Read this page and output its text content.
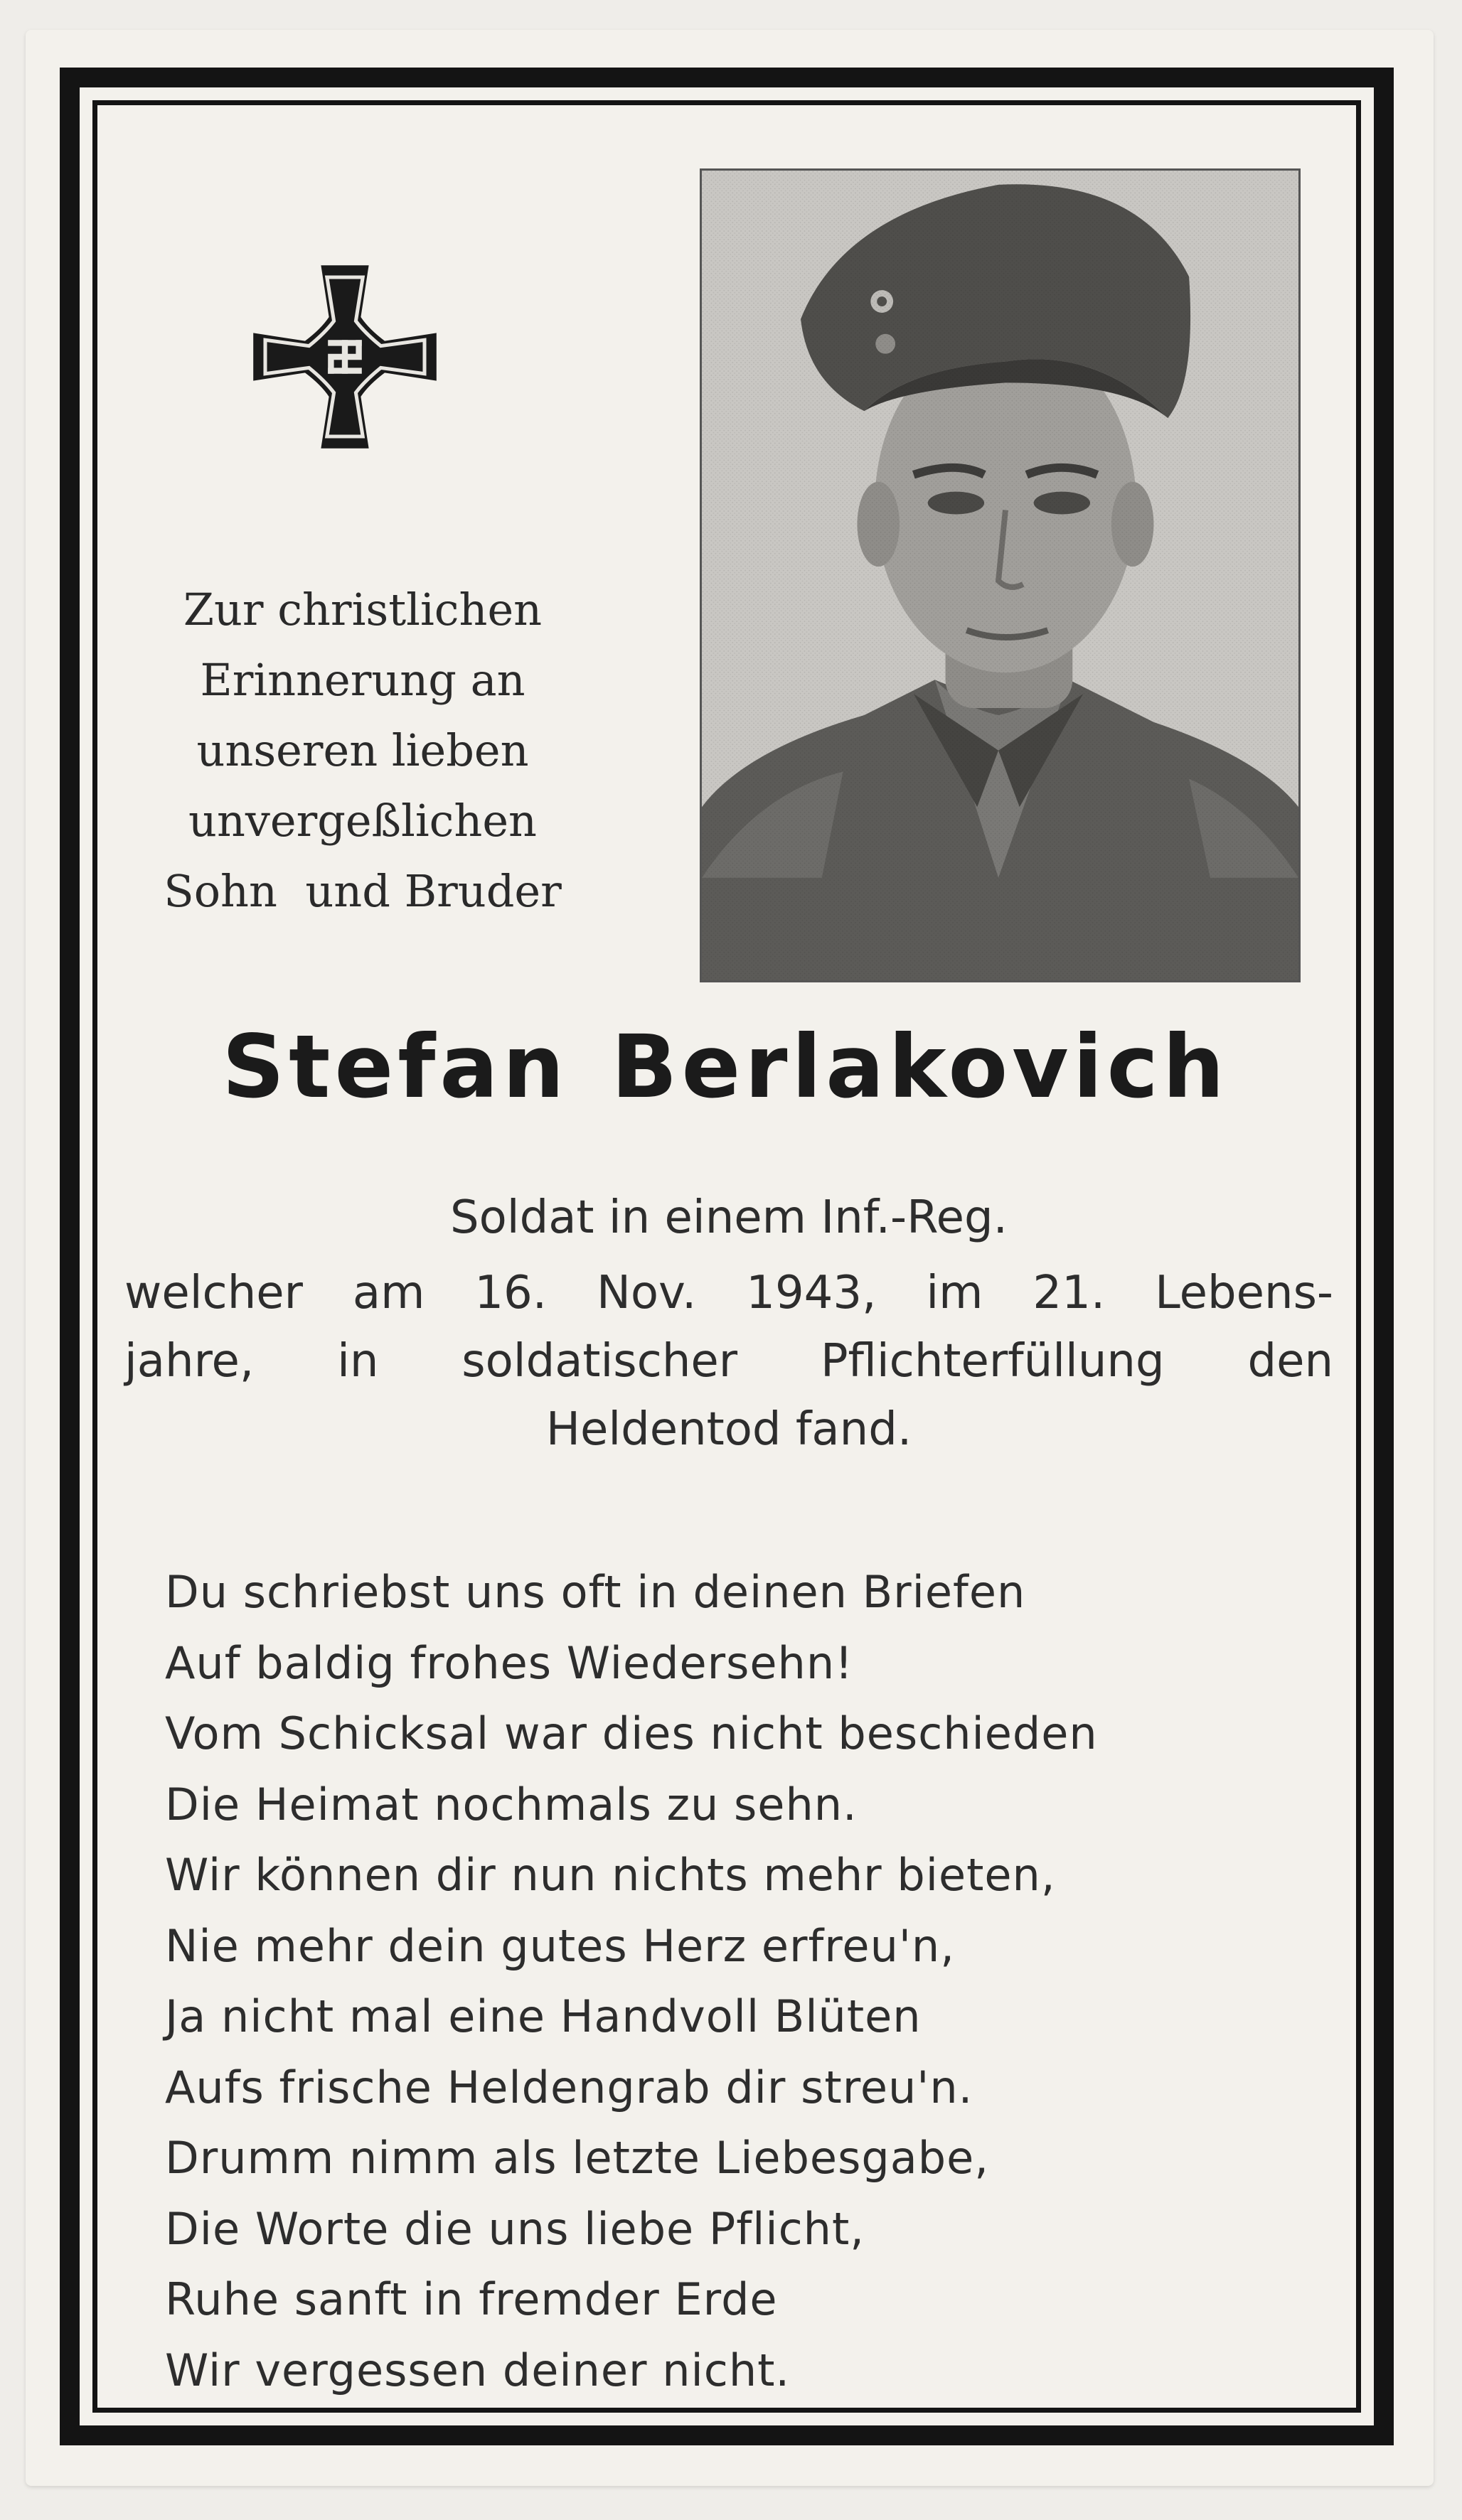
Zur christlichen
Erinnerung an
unseren lieben
unvergeßlichen
Sohn  und Bruder
Stefan Berlakovich
Soldat in einem Inf.-Reg.
welcher am 16. Nov. 1943, im 21. Lebens-
jahre, in soldatischer Pflichterfüllung den
Heldentod fand.
Du schriebst uns oft in deinen Briefen
Auf baldig frohes Wiedersehn!
Vom Schicksal war dies nicht beschieden
Die Heimat nochmals zu sehn.
Wir können dir nun nichts mehr bieten,
Nie mehr dein gutes Herz erfreu'n,
Ja nicht mal eine Handvoll Blüten
Aufs frische Heldengrab dir streu'n.
Drumm nimm als letzte Liebesgabe,
Die Worte die uns liebe Pflicht,
Ruhe sanft in fremder Erde
Wir vergessen deiner nicht.
